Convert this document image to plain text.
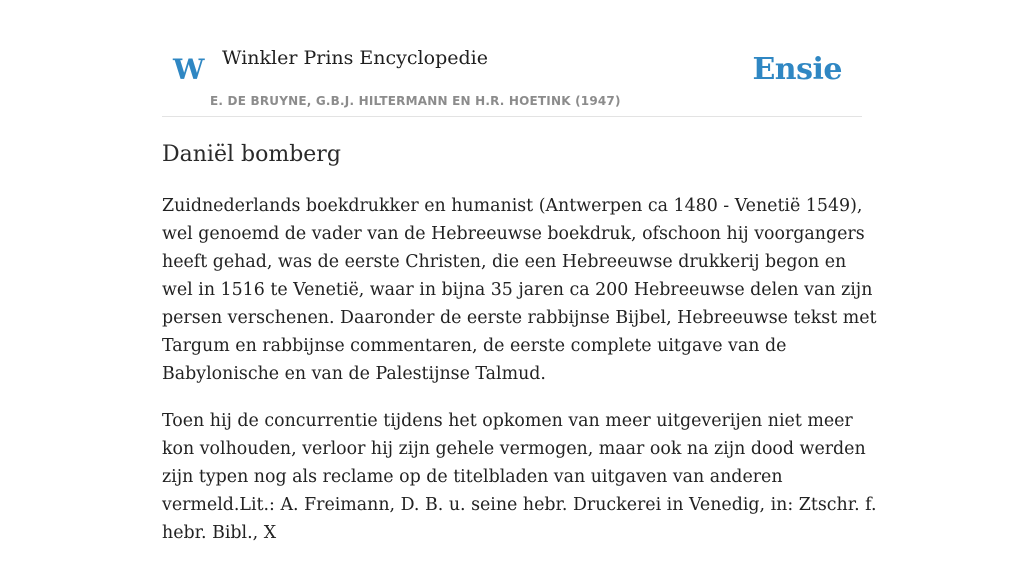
W Winkler Prins Encyclopedie
E. DE BRUYNE, G.B.J. HILTERMANN EN H.R. HOETINK (1947)
Ensie
Daniël bomberg

Zuidnederlands boekdrukker en humanist (Antwerpen ca 1480 - Venetië 1549), wel genoemd de vader van de Hebreeuwse boekdruk, ofschoon hij voorgangers heeft gehad, was de eerste Christen, die een Hebreeuwse drukkerij begon en wel in 1516 te Venetië, waar in bijna 35 jaren ca 200 Hebreeuwse delen van zijn persen verschenen. Daaronder de eerste rabbijnse Bijbel, Hebreeuwse tekst met Targum en rabbijnse commentaren, de eerste complete uitgave van de Babylonische en van de Palestijnse Talmud.

Toen hij de concurrentie tijdens het opkomen van meer uitgeverijen niet meer kon volhouden, verloor hij zijn gehele vermogen, maar ook na zijn dood werden zijn typen nog als reclame op de titelbladen van uitgaven van anderen vermeld.Lit.: A. Freimann, D. B. u. seine hebr. Druckerei in Venedig, in: Ztschr. f. hebr. Bibl., X
